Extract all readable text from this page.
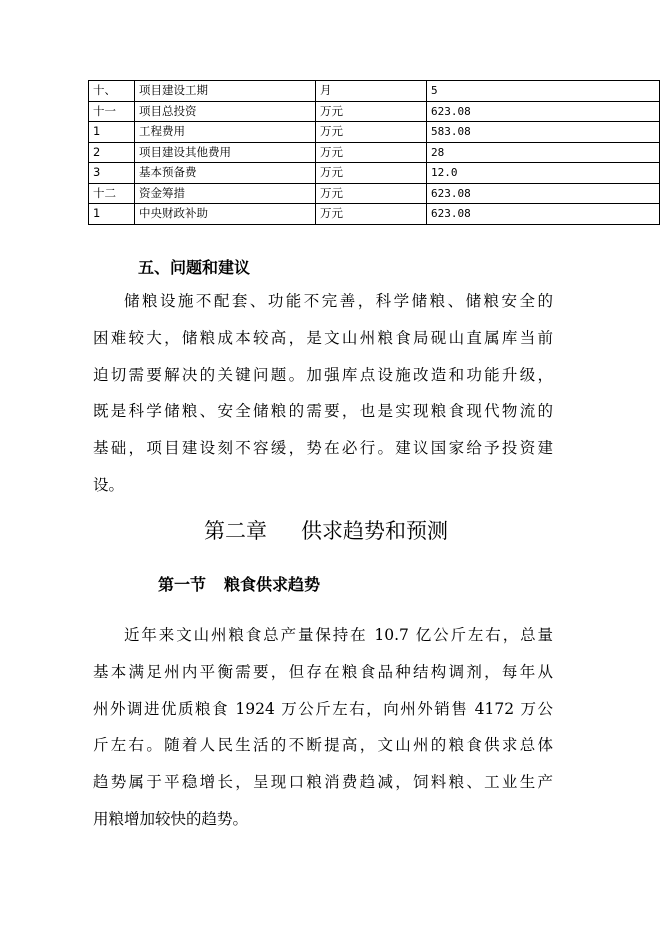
十、	项目建设工期	月	5
十一	项目总投资	万元	623.08
1	工程费用	万元	583.08
2	项目建设其他费用	万元	28
3	基本预备费	万元	12.0
十二	资金筹措	万元	623.08
1	中央财政补助	万元	623.08
五、问题和建议
储粮设施不配套、功能不完善，科学储粮、储粮安全的
困难较大，储粮成本较高，是文山州粮食局砚山直属库当前
迫切需要解决的关键问题。加强库点设施改造和功能升级，
既是科学储粮、安全储粮的需要，也是实现粮食现代物流的
基础，项目建设刻不容缓，势在必行。建议国家给予投资建
设。
第二章 供求趋势和预测
第一节 粮食供求趋势
近年来文山州粮食总产量保持在 10.7 亿公斤左右，总量
基本满足州内平衡需要，但存在粮食品种结构调剂，每年从
州外调进优质粮食 1924 万公斤左右，向州外销售 4172 万公
斤左右。随着人民生活的不断提高，文山州的粮食供求总体
趋势属于平稳增长，呈现口粮消费趋减，饲料粮、工业生产
用粮增加较快的趋势。
